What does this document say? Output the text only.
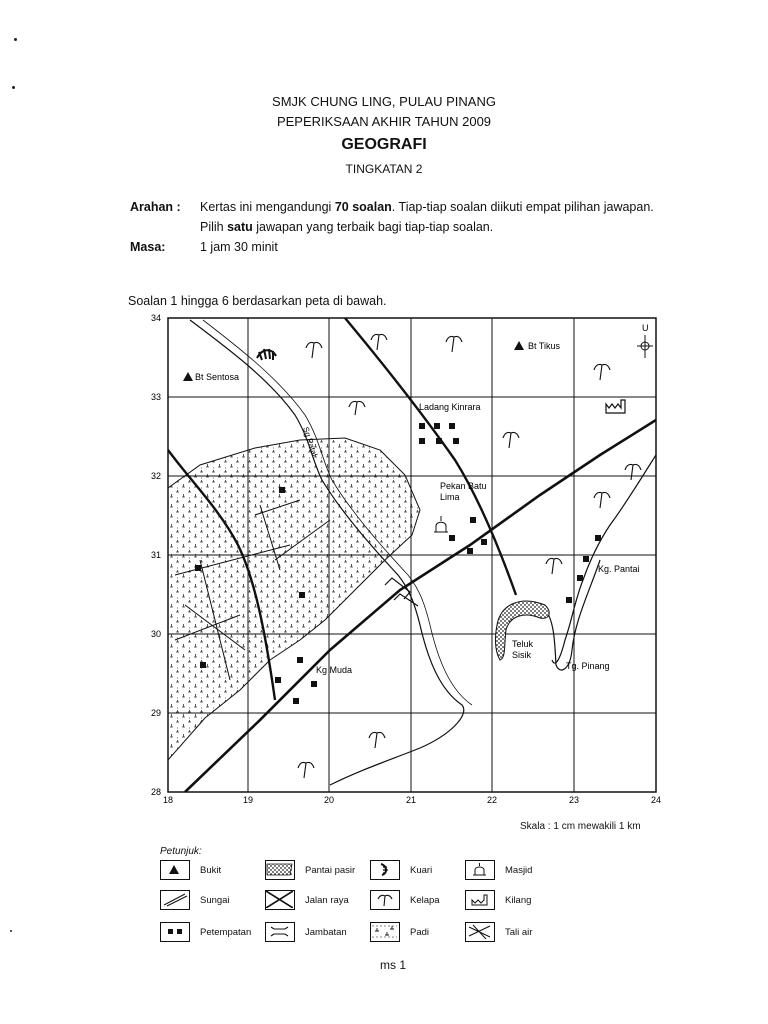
SMJK CHUNG LING, PULAU PINANG
PEPERIKSAAN AKHIR TAHUN 2009
GEOGRAFI
TINGKATAN 2
Arahan : Kertas ini mengandungi 70 soalan. Tiap-tiap soalan diikuti empat pilihan jawapan.
Pilih satu jawapan yang terbaik bagi tiap-tiap soalan.
Masa:	1 jam 30 minit
Soalan 1 hingga 6 berdasarkan peta di bawah.
Bt Sentosa
Bt Tikus
U
Ladang Kinrara
Pekan Batu
Lima
Kg. Pantai
Teluk
Sisik
Tg. Pinang
Kg Muda
Sg Patal
34
33
32
31
30
29
28
18	19	20	21	22	23	24
Skala : 1 cm mewakili 1 km
Petunjuk:
Bukit
Sungai
Petempatan
Pantai pasir
Jalan raya
Jambatan
Kuari
Kelapa
Padi
Masjid
Kilang
Tali air
ms 1
